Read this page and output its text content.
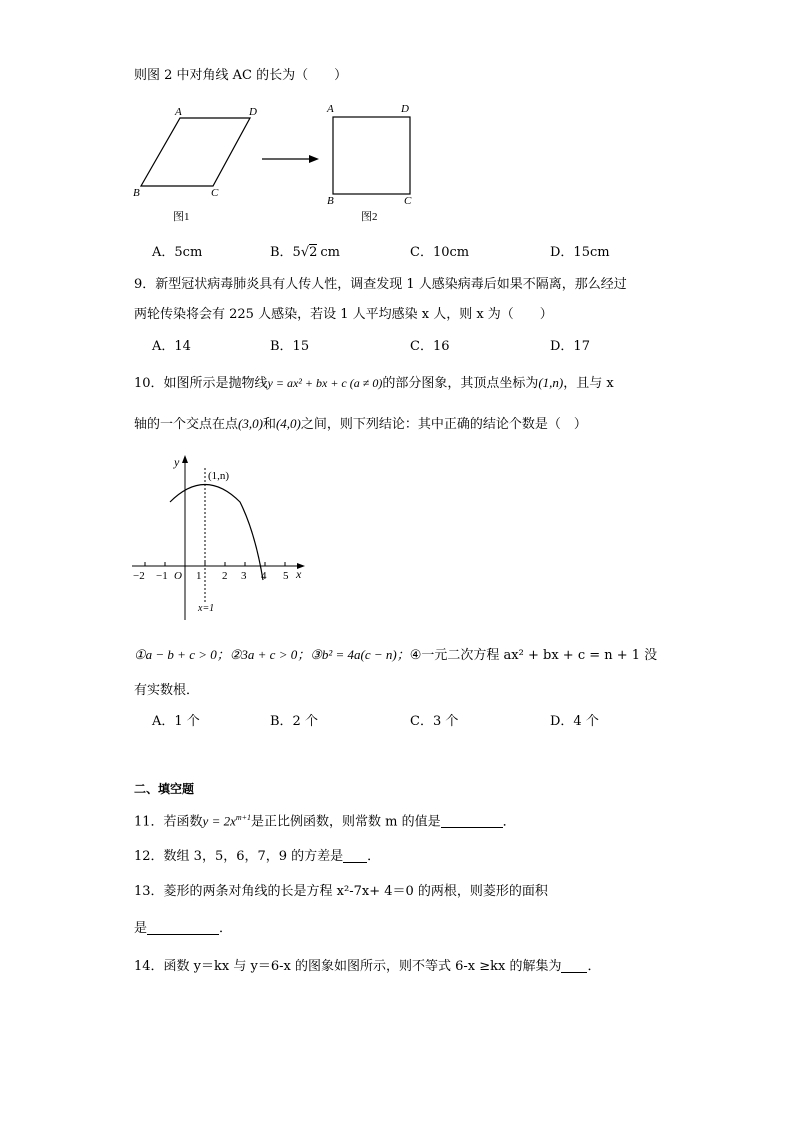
则图 2 中对角线 AC 的长为（　　）
A	D
B	C
图1
A	D
B	C
图2
A．5cm	B．5√2 cm	C．10cm	D．15cm
9．新型冠状病毒肺炎具有人传人性，调查发现 1 人感染病毒后如果不隔离，那么经过
两轮传染将会有 225 人感染，若设 1 人平均感染 x 人，则 x 为（　　）
A．14	B．15	C．16	D．17
10．如图所示是抛物线y = ax² + bx + c (a ≠ 0)的部分图象，其顶点坐标为(1,n)，且与 x
轴的一个交点在点(3,0)和(4,0)之间，则下列结论：其中正确的结论个数是（　）
y
x
O
−2 −1	1 2 3 4 5
(1,n)
x=1
①a − b + c > 0；②3a + c > 0；③b² = 4a(c − n)；④一元二次方程 ax² + bx + c = n + 1 没
有实数根．
A．1 个	B．2 个	C．3 个	D．4 个
二、填空题
11．若函数$y = 2x^{m+1}$是正比例函数，则常数 m 的值是	．
12．数组 3，5，6，7，9 的方差是 ．
13．菱形的两条对角线的长是方程 x²-7x+ 4＝0 的两根，则菱形的面积
是	．
14．函数 y＝kx 与 y＝6-x 的图象如图所示，则不等式 6-x ≥kx 的解集为 ．
